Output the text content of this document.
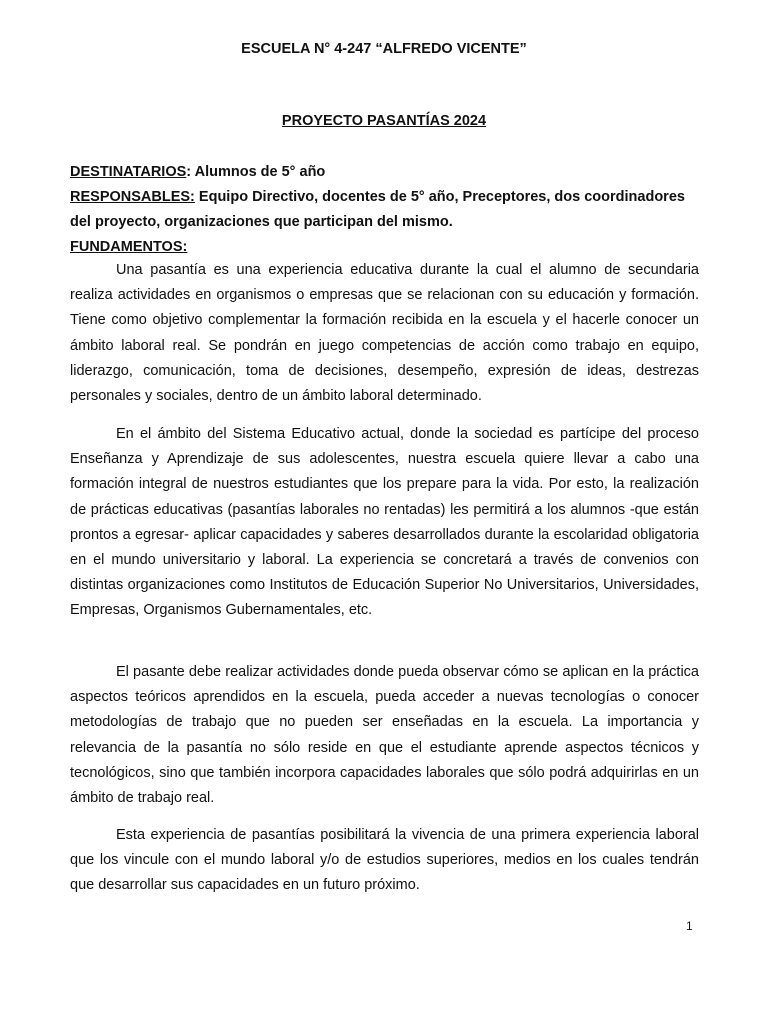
ESCUELA N° 4-247 “ALFREDO VICENTE”
PROYECTO PASANTÍAS 2024
DESTINATARIOS: Alumnos de 5° año
RESPONSABLES: Equipo Directivo, docentes de 5° año, Preceptores, dos coordinadores del proyecto, organizaciones que participan del mismo.
FUNDAMENTOS:

Una pasantía es una experiencia educativa durante la cual el alumno de secundaria realiza actividades en organismos o empresas que se relacionan con su educación y formación. Tiene como objetivo complementar la formación recibida en la escuela y el hacerle conocer un ámbito laboral real. Se pondrán en juego competencias de acción como trabajo en equipo, liderazgo, comunicación, toma de decisiones, desempeño, expresión de ideas, destrezas personales y sociales, dentro de un ámbito laboral determinado.

En el ámbito del Sistema Educativo actual, donde la sociedad es partícipe del proceso Enseñanza y Aprendizaje de sus adolescentes, nuestra escuela quiere llevar a cabo una formación integral de nuestros estudiantes que los prepare para la vida. Por esto, la realización de prácticas educativas (pasantías laborales no rentadas) les permitirá a los alumnos -que están prontos a egresar- aplicar capacidades y saberes desarrollados durante la escolaridad obligatoria en el mundo universitario y laboral. La experiencia se concretará a través de convenios con distintas organizaciones como Institutos de Educación Superior No Universitarios, Universidades, Empresas, Organismos Gubernamentales, etc.

El pasante debe realizar actividades donde pueda observar cómo se aplican en la práctica aspectos teóricos aprendidos en la escuela, pueda acceder a nuevas tecnologías o conocer metodologías de trabajo que no pueden ser enseñadas en la escuela. La importancia y relevancia de la pasantía no sólo reside en que el estudiante aprende aspectos técnicos y tecnológicos, sino que también incorpora capacidades laborales que sólo podrá adquirirlas en un ámbito de trabajo real.

Esta experiencia de pasantías posibilitará la vivencia de una primera experiencia laboral que los vincule con el mundo laboral y/o de estudios superiores, medios en los cuales tendrán que desarrollar sus capacidades en un futuro próximo.

1
